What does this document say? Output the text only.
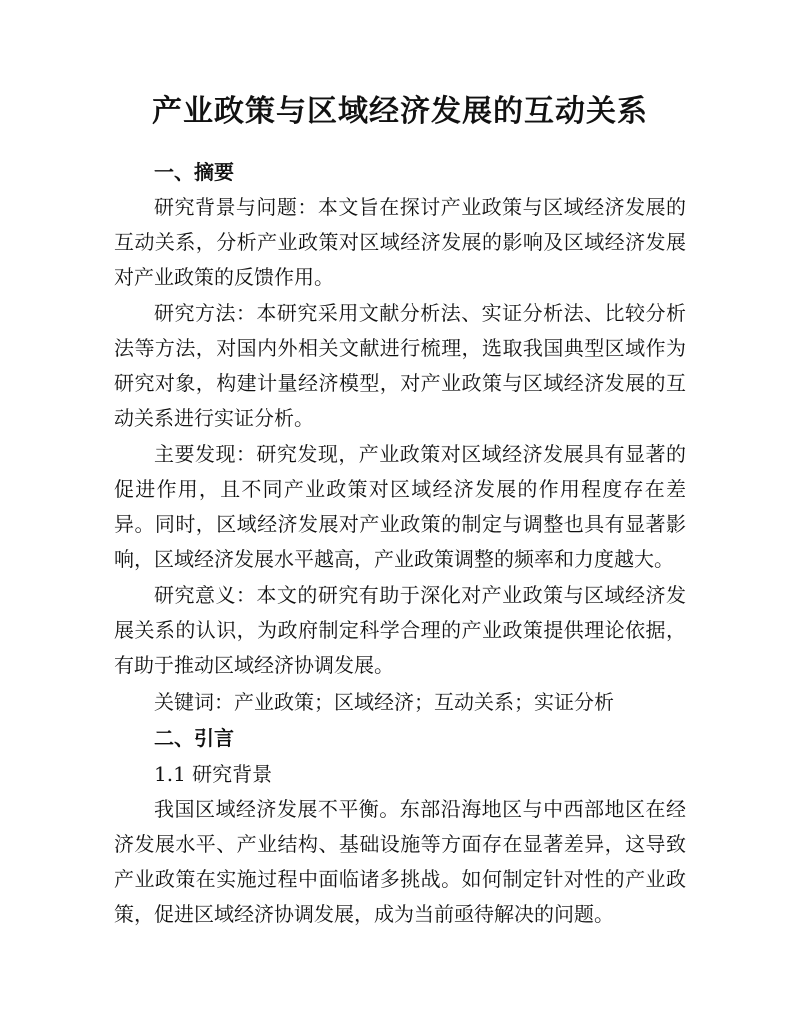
产业政策与区域经济发展的互动关系
一、摘要

研究背景与问题：本文旨在探讨产业政策与区域经济发展的互动关系，分析产业政策对区域经济发展的影响及区域经济发展对产业政策的反馈作用。

研究方法：本研究采用文献分析法、实证分析法、比较分析法等方法，对国内外相关文献进行梳理，选取我国典型区域作为研究对象，构建计量经济模型，对产业政策与区域经济发展的互动关系进行实证分析。

主要发现：研究发现，产业政策对区域经济发展具有显著的促进作用，且不同产业政策对区域经济发展的作用程度存在差异。同时，区域经济发展对产业政策的制定与调整也具有显著影响，区域经济发展水平越高，产业政策调整的频率和力度越大。

研究意义：本文的研究有助于深化对产业政策与区域经济发展关系的认识，为政府制定科学合理的产业政策提供理论依据，有助于推动区域经济协调发展。

关键词：产业政策；区域经济；互动关系；实证分析

二、引言

1.1 研究背景

我国区域经济发展不平衡。东部沿海地区与中西部地区在经济发展水平、产业结构、基础设施等方面存在显著差异，这导致产业政策在实施过程中面临诸多挑战。如何制定针对性的产业政策，促进区域经济协调发展，成为当前亟待解决的问题。
